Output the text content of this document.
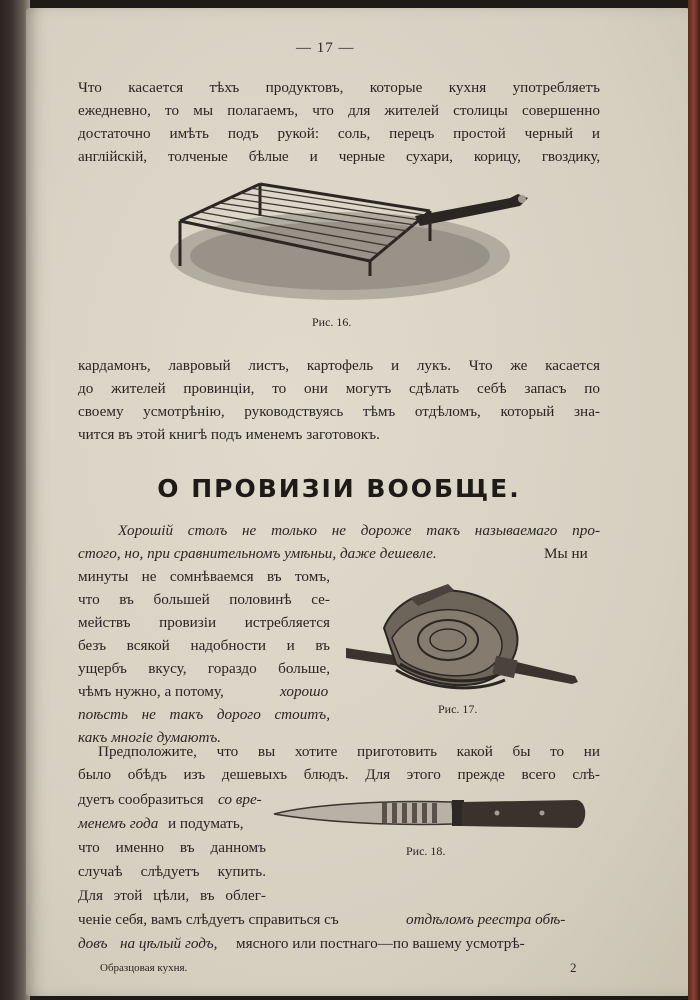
— 17 —
Что касается тѣхъ продуктовъ, которые кухня употребляетъ
ежедневно, то мы полагаемъ, что для жителей столицы совершенно
достаточно имѣть подъ рукой: соль, перецъ простой черный и
англійскій, толченые бѣлые и черные сухари, корицу, гвоздику,
Рис. 16.
кардамонъ, лавровый листъ, картофель и лукъ. Что же касается
до жителей провинціи, то они могутъ сдѣлать себѣ запасъ по
своему усмотрѣнію, руководствуясь тѣмъ отдѣломъ, который зна-
чится въ этой книгѣ подъ именемъ заготовокъ.
О ПРОВИЗІИ ВООБЩЕ.
Хорошій столъ не только не дороже такъ называемаго про-
стого, но, при сравнительномъ умѣньи, даже дешевле.	Мы ни
минуты не сомнѣваемся въ томъ,
что въ большей половинѣ се-
мействъ провизіи истребляется
безъ всякой надобности и въ
ущербъ вкусу, гораздо больше,
чѣмъ нужно, а потому,	хорошо
поѣсть не такъ дорого стоитъ,
какъ многіе думаютъ.
Рис. 17.
Предположите, что вы хотите приготовить какой бы то ни
было обѣдъ изъ дешевыхъ блюдъ. Для этого прежде всего слѣ-
дуетъ сообразиться со вре-
менемъ года и подумать,
что именно въ данномъ
случаѣ слѣдуетъ купить.
Для этой цѣли, въ облег-
Рис. 18.
ченіе себя, вамъ слѣдуетъ справиться съ	отдѣломъ реестра обѣ-
довъ на цѣлый годъ, мясного или постнаго—по вашему усмотрѣ-
Образцовая кухня.	2
